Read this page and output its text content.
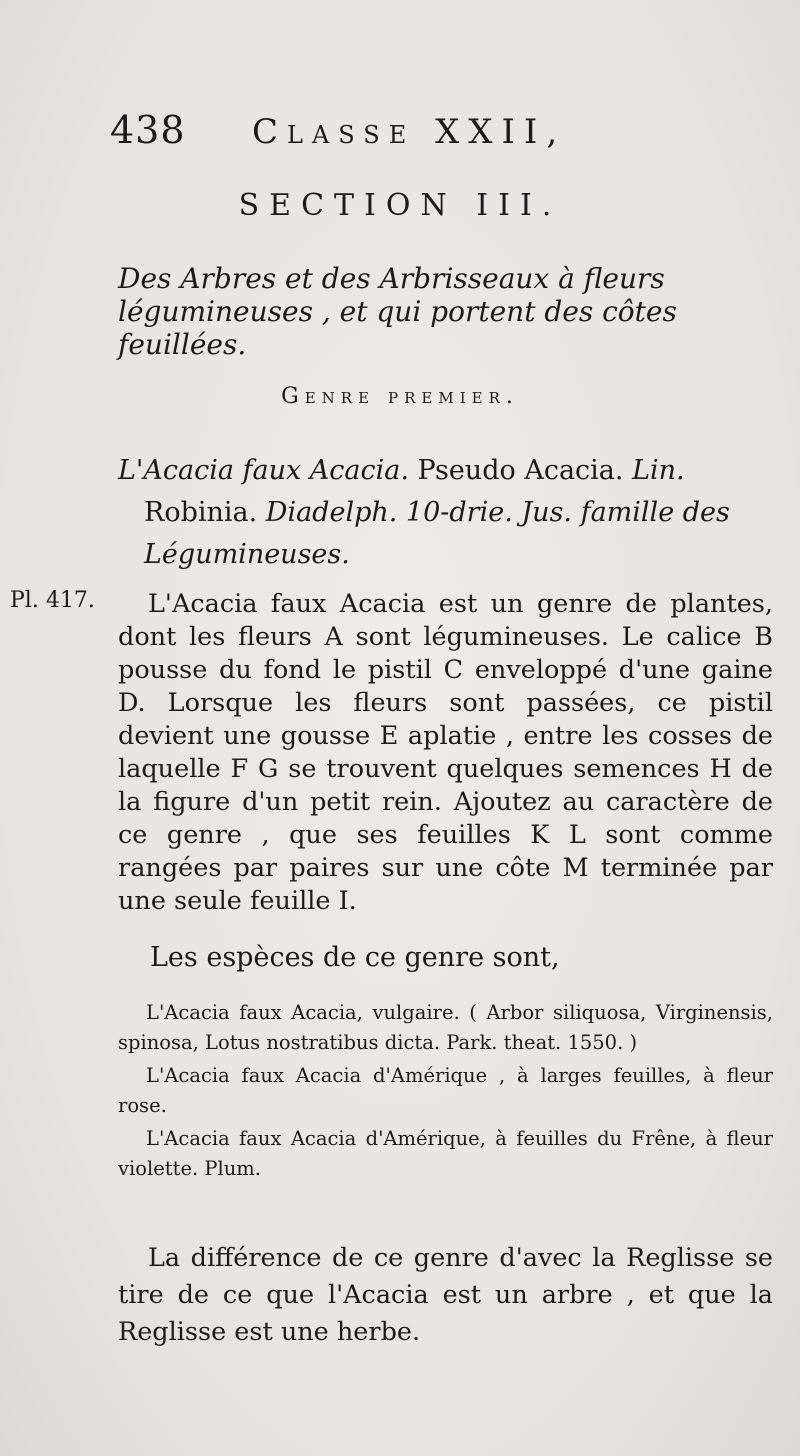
438 Classe XXII,
SECTION III.
Des Arbres et des Arbrisseaux à fleurs légumineuses , et qui portent des côtes feuillées.
Genre premier.
L'Acacia faux Acacia. Pseudo Acacia. Lin.
Robinia. Diadelph. 10-drie. Jus. famille des
Légumineuses.
Pl. 417.	L'Acacia faux Acacia est un genre de plantes, dont les fleurs A sont légumineuses. Le calice B pousse du fond le pistil C enveloppé d'une gaine D. Lorsque les fleurs sont passées, ce pistil devient une gousse E aplatie , entre les cosses de laquelle F G se trouvent quelques semences H de la figure d'un petit rein. Ajoutez au caractère de ce genre , que ses feuilles K L sont comme rangées par paires sur une côte M terminée par une seule feuille I.
Les espèces de ce genre sont,

L'Acacia faux Acacia, vulgaire. ( Arbor siliquosa, Virginensis, spinosa, Lotus nostratibus dicta. Park. theat. 1550. )

L'Acacia faux Acacia d'Amérique , à larges feuilles, à fleur rose.

L'Acacia faux Acacia d'Amérique, à feuilles du Frêne, à fleur violette. Plum.

La différence de ce genre d'avec la Reglisse se tire de ce que l'Acacia est un arbre , et que la Reglisse est une herbe.
